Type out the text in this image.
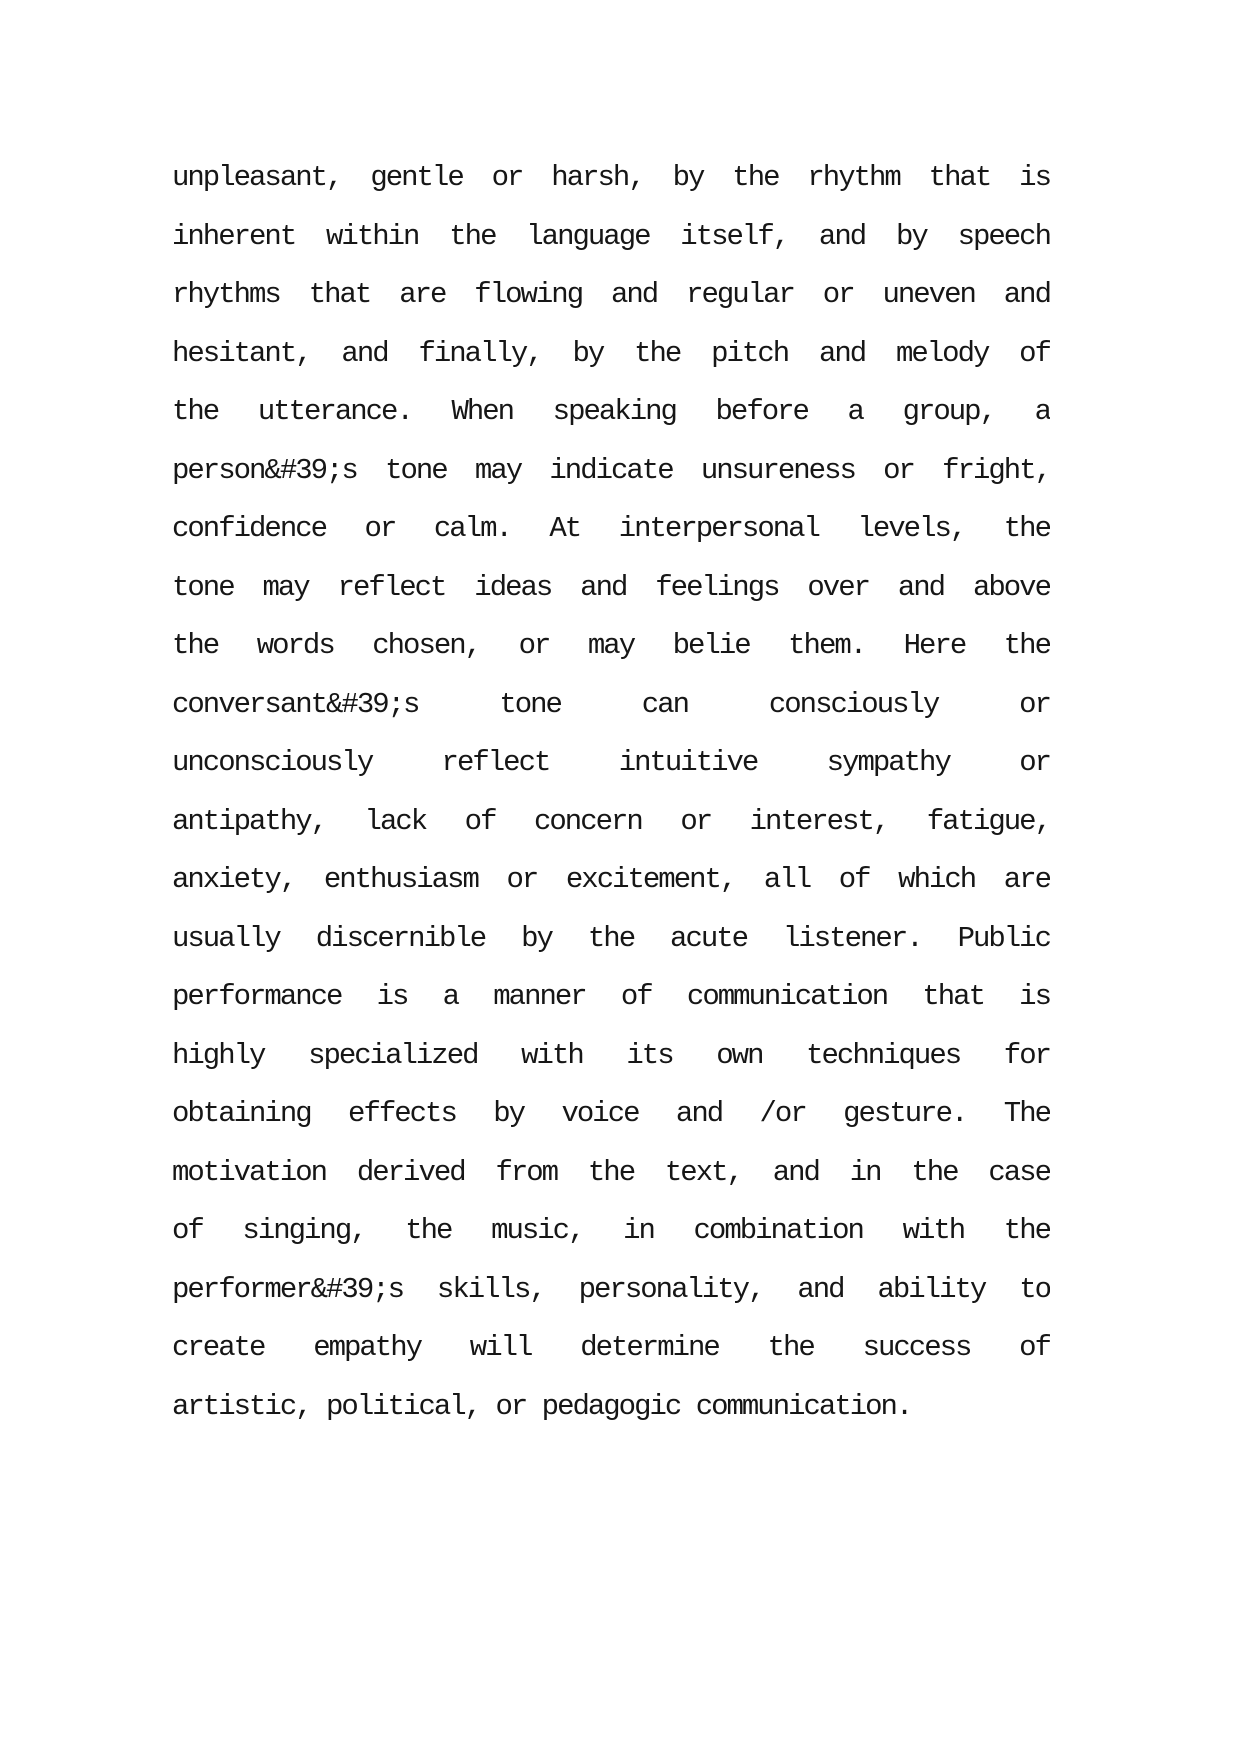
unpleasant, gentle or harsh, by the rhythm that is
inherent within the language itself, and by speech
rhythms that are flowing and regular or uneven and
hesitant, and finally, by the pitch and melody of
the utterance. When speaking before a group, a
person&#39;s tone may indicate unsureness or fright,
confidence or calm. At interpersonal levels, the
tone may reflect ideas and feelings over and above
the words chosen, or may belie them. Here the
conversant&#39;s tone can consciously or
unconsciously reflect intuitive sympathy or
antipathy, lack of concern or interest, fatigue,
anxiety, enthusiasm or excitement, all of which are
usually discernible by the acute listener. Public
performance is a manner of communication that is
highly specialized with its own techniques for
obtaining effects by voice and /or gesture. The
motivation derived from the text, and in the case
of singing, the music, in combination with the
performer&#39;s skills, personality, and ability to
create empathy will determine the success of
artistic, political, or pedagogic communication.
